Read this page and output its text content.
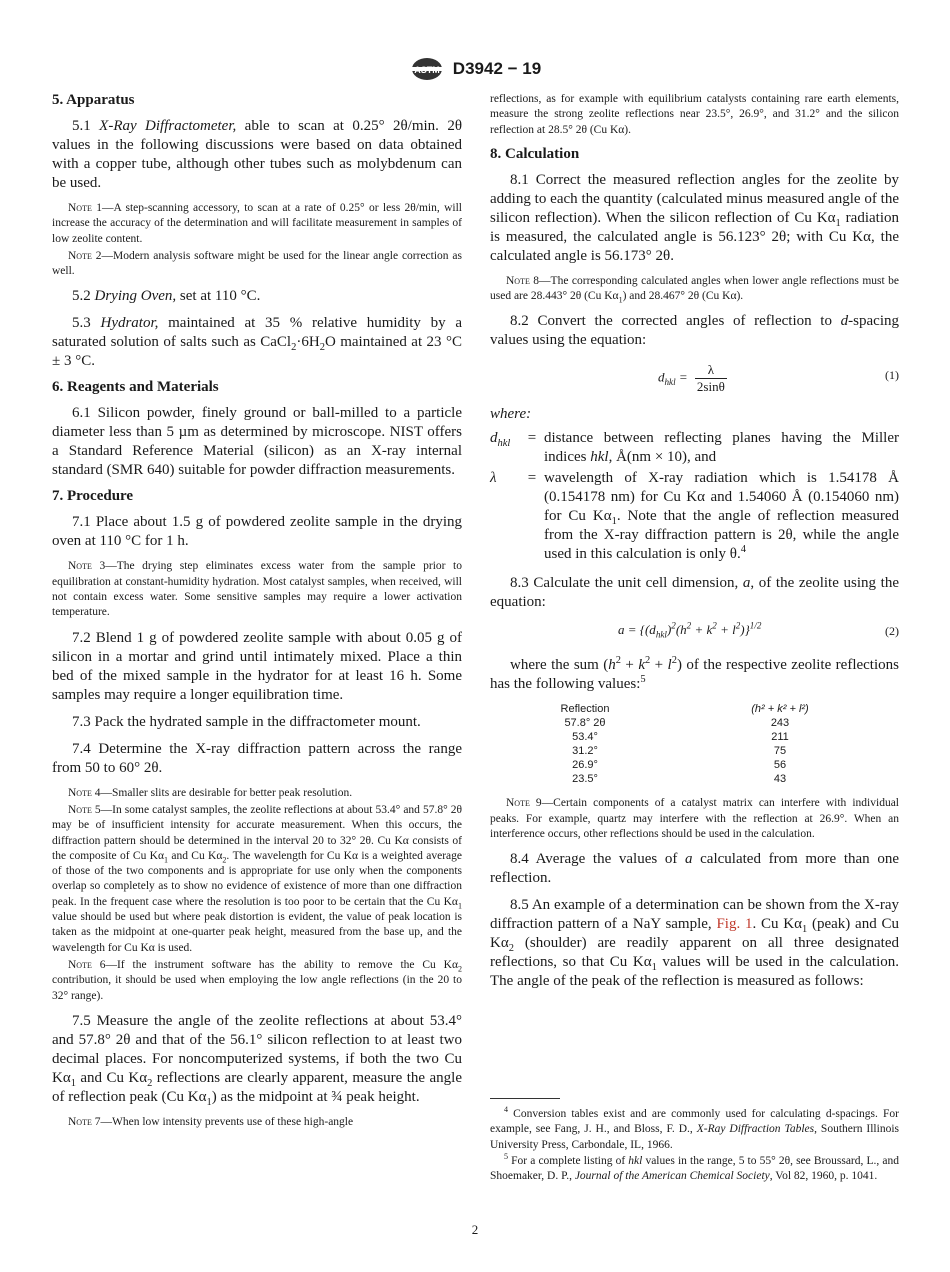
ASTM D3942 − 19
5. Apparatus

5.1 X-Ray Diffractometer, able to scan at 0.25° 2θ/min. 2θ values in the following discussions were based on data obtained with a copper tube, although other tubes such as molybdenum can be used.

Note 1—A step-scanning accessory, to scan at a rate of 0.25° or less 2θ/min, will increase the accuracy of the determination and will facilitate measurement in samples of low zeolite content.

Note 2—Modern analysis software might be used for the linear angle correction as well.

5.2 Drying Oven, set at 110 °C.

5.3 Hydrator, maintained at 35 % relative humidity by a saturated solution of salts such as $CaCl_2\cdot 6H_2O$ maintained at 23 °C ± 3 °C.

6. Reagents and Materials

6.1 Silicon powder, finely ground or ball-milled to a particle diameter less than 5 µm as determined by microscope. NIST offers a Standard Reference Material (silicon) as an X-ray internal standard (SMR 640) suitable for powder diffraction measurements.

7. Procedure

7.1 Place about 1.5 g of powdered zeolite sample in the drying oven at 110 °C for 1 h.

Note 3—The drying step eliminates excess water from the sample prior to equilibration at constant-humidity hydration. Most catalyst samples, when received, will not contain excess water. Some sensitive samples may require a lower activation temperature.

7.2 Blend 1 g of powdered zeolite sample with about 0.05 g of silicon in a mortar and grind until intimately mixed. Place a thin bed of the mixed sample in the hydrator for at least 16 h. Some samples may require a longer equilibration time.

7.3 Pack the hydrated sample in the diffractometer mount.

7.4 Determine the X-ray diffraction pattern across the range from 50 to 60° 2θ.

Note 4—Smaller slits are desirable for better peak resolution.

Note 5—In some catalyst samples, the zeolite reflections at about 53.4° and 57.8° 2θ may be of insufficient intensity for accurate measurement. When this occurs, the diffraction pattern should be determined in the interval 20 to 32° 2θ. Cu Kα consists of the composite of Cu $K\alpha_1$ and Cu $K\alpha_2$. The wavelength for Cu Kα is a weighted average of those of the two components and is appropriate for use only when the components overlap so completely as to show no evidence of existence of more than one diffraction peak. In the frequent case where the resolution is too poor to be certain that the Cu $K\alpha_1$ value should be used but where peak distortion is evident, the value of peak location is taken as the midpoint at one-quarter peak height, measured from the base up, and the wavelength for Cu Kα is used.

Note 6—If the instrument software has the ability to remove the Cu $K\alpha_2$ contribution, it should be used when employing the low angle reflections (in the 20 to 32° range).

7.5 Measure the angle of the zeolite reflections at about 53.4° and 57.8° 2θ and that of the 56.1° silicon reflection to at least two decimal places. For noncomputerized systems, if both the two Cu $K\alpha_1$ and Cu $K\alpha_2$ reflections are clearly apparent, measure the angle of reflection peak (Cu $K\alpha_1$) as the midpoint at ¾ peak height.

Note 7—When low intensity prevents use of these high-angle

reflections, as for example with equilibrium catalysts containing rare earth elements, measure the strong zeolite reflections near 23.5°, 26.9°, and 31.2° and the silicon reflection at 28.5° 2θ (Cu Kα).

8. Calculation

8.1 Correct the measured reflection angles for the zeolite by adding to each the quantity (calculated minus measured angle of the silicon reflection). When the silicon reflection of Cu $K\alpha_1$ radiation is measured, the calculated angle is 56.123° 2θ; with Cu Kα, the calculated angle is 56.173° 2θ.

Note 8—The corresponding calculated angles when lower angle reflections must be used are 28.443° 2θ (Cu $K\alpha_1$) and 28.467° 2θ (Cu Kα).

8.2 Convert the corrected angles of reflection to d-spacing values using the equation:

$d_{hkl} = \frac{\lambda}{2\sin\theta}$	(1)
where:
$d_{hkl}$	= distance between reflecting planes having the Miller indices hkl, Å(nm × 10), and
λ	= wavelength of X-ray radiation which is 1.54178 Å (0.154178 nm) for Cu Kα and 1.54060 Å (0.154060 nm) for Cu $K\alpha_1$. Note that the angle of reflection measured from the X-ray diffraction pattern is 2θ, while the angle used in this calculation is only θ.$^4$

8.3 Calculate the unit cell dimension, a, of the zeolite using the equation:

$a = \{(d_{hkl})^2(h^2 + k^2 + l^2)\}^{1/2}$	(2)

where the sum $(h^2 + k^2 + l^2)$ of the respective zeolite reflections has the following values:$^5$

Reflection	(h² + k² + l²)
57.8° 2θ	243
53.4°	211
31.2°	75
26.9°	56
23.5°	43

Note 9—Certain components of a catalyst matrix can interfere with individual peaks. For example, quartz may interfere with the reflection at 26.9°. When an interference occurs, other reflections should be used in the calculation.

8.4 Average the values of a calculated from more than one reflection.

8.5 An example of a determination can be shown from the X-ray diffraction pattern of a NaY sample, Fig. 1. Cu $K\alpha_1$ (peak) and Cu $K\alpha_2$ (shoulder) are readily apparent on all three designated reflections, so that Cu $K\alpha_1$ values will be used in the calculation. The angle of the peak of the reflection is measured as follows:

$^4$ Conversion tables exist and are commonly used for calculating d-spacings. For example, see Fang, J. H., and Bloss, F. D., X-Ray Diffraction Tables, Southern Illinois University Press, Carbondale, IL, 1966.

$^5$ For a complete listing of hkl values in the range, 5 to 55° 2θ, see Broussard, L., and Shoemaker, D. P., Journal of the American Chemical Society, Vol 82, 1960, p. 1041.

2
